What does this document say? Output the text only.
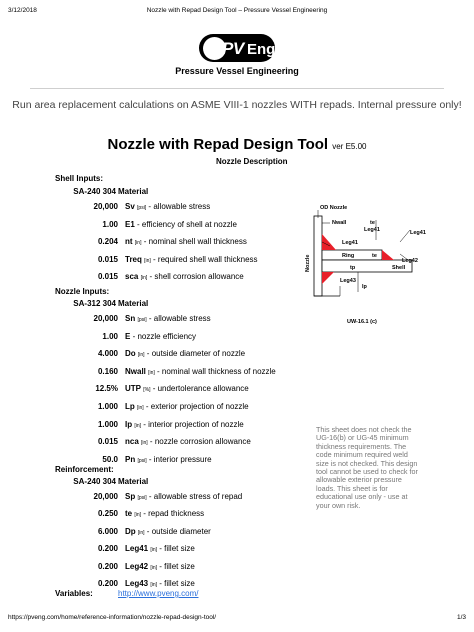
3/12/2018	Nozzle with Repad Design Tool – Pressure Vessel Engineering
PV Eng
Pressure Vessel Engineering
Run area replacement calculations on ASME VIII-1 nozzles WITH repads. Internal pressure only!
Nozzle with Repad Design Tool ver E5.00
Nozzle Description
Shell Inputs:
SA-240 304 Material
20,000 Sv [psi] - allowable stress
1.00 E1 - efficiency of shell at nozzle
0.204 nt [in] - nominal shell wall thickness
0.015 Treq [in] - required shell wall thickness
0.015 sca [in] - shell corrosion allowance
Nozzle Inputs:
SA-312 304 Material
20,000 Sn [psi] - allowable stress
1.00 E - nozzle efficiency
4.000 Do [in] - outside diameter of nozzle
0.160 Nwall [in] - nominal wall thickness of nozzle
12.5% UTP [%] - undertolerance allowance
1.000 Lp [in] - exterior projection of nozzle
1.000 Ip [in] - interior projection of nozzle
0.015 nca [in] - nozzle corrosion allowance
50.0 Pn [psi] - interior pressure
Reinforcement:
SA-240 304 Material
20,000 Sp [psi] - allowable stress of repad
0.250 te [in] - repad thickness
6.000 Dp [in] - outside diameter
0.200 Leg41 [in] - fillet size
0.200 Leg42 [in] - fillet size
0.200 Leg43 [in] - fillet size
Variables:	http://www.pveng.com/
OD Nozzle
Nwall	te
Leg41	Leg41
Leg41
Nozzle	Ring	te
Leg42
tp	Shell
Leg43
lp
UW-16.1 (c)
This sheet does not check the UG-16(b) or UG-45 minimum thickness requirements. The code minimum required weld size is not checked. This design tool cannot be used to check for allowable exterior pressure loads. This sheet is for educational use only - use at your own risk.
https://pveng.com/home/reference-information/nozzle-repad-design-tool/	1/3
